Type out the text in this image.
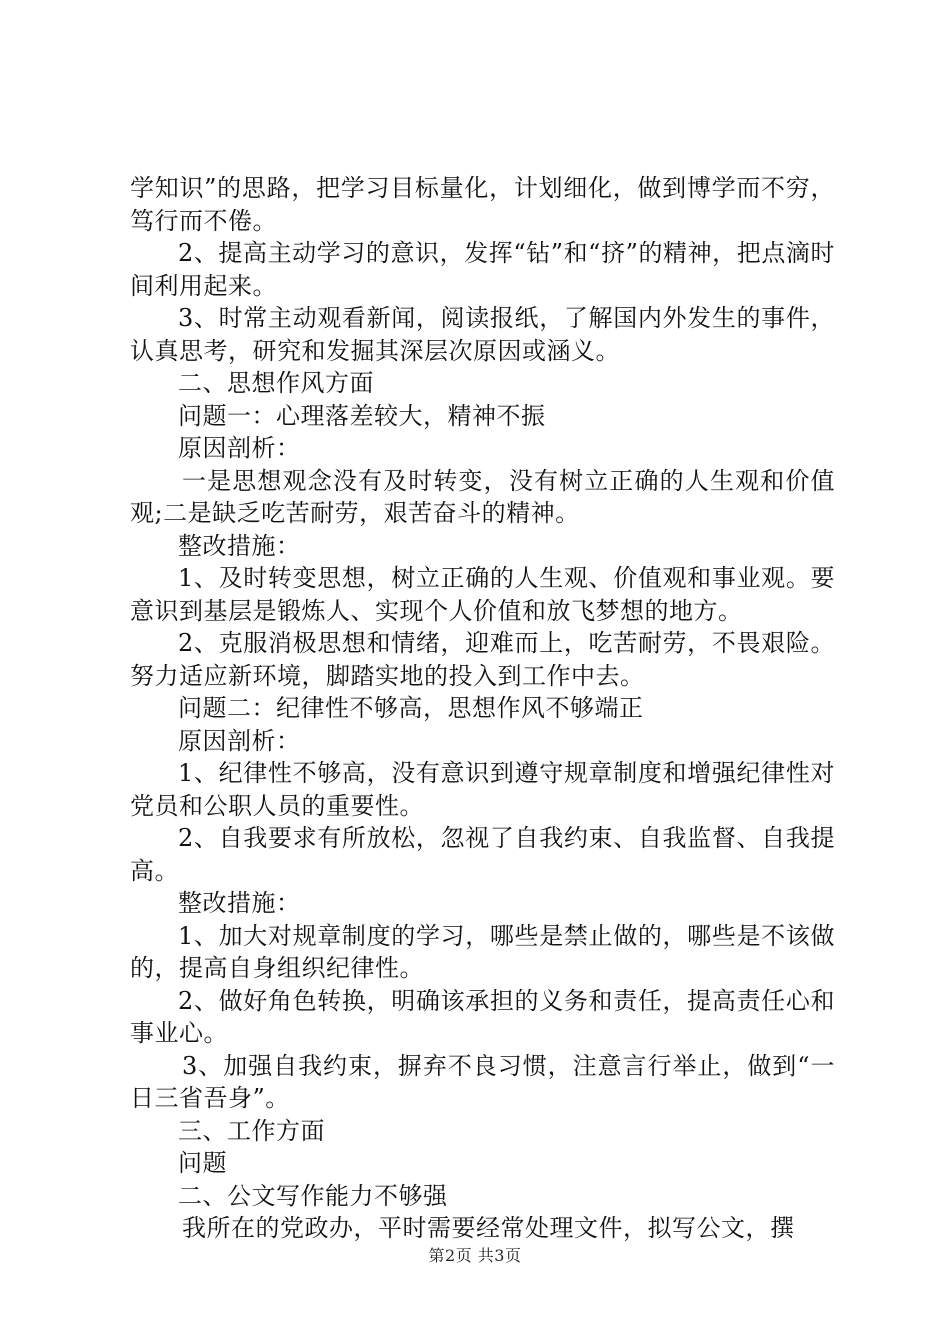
学知识”的思路，把学习目标量化，计划细化，做到博学而不穷，笃行而不倦。

2、提高主动学习的意识，发挥“钻”和“挤”的精神，把点滴时间利用起来。

3、时常主动观看新闻，阅读报纸，了解国内外发生的事件，认真思考，研究和发掘其深层次原因或涵义。

二、思想作风方面

问题一：心理落差较大，精神不振

原因剖析：

一是思想观念没有及时转变，没有树立正确的人生观和价值观;二是缺乏吃苦耐劳，艰苦奋斗的精神。

整改措施：

1、及时转变思想，树立正确的人生观、价值观和事业观。要意识到基层是锻炼人、实现个人价值和放飞梦想的地方。

2、克服消极思想和情绪，迎难而上，吃苦耐劳，不畏艰险。努力适应新环境，脚踏实地的投入到工作中去。

问题二：纪律性不够高，思想作风不够端正

原因剖析：

1、纪律性不够高，没有意识到遵守规章制度和增强纪律性对党员和公职人员的重要性。

2、自我要求有所放松，忽视了自我约束、自我监督、自我提高。

整改措施：

1、加大对规章制度的学习，哪些是禁止做的，哪些是不该做的，提高自身组织纪律性。

2、做好角色转换，明确该承担的义务和责任，提高责任心和事业心。

3、加强自我约束，摒弃不良习惯，注意言行举止，做到“一日三省吾身”。

三、工作方面

问题

二、公文写作能力不够强

我所在的党政办，平时需要经常处理文件，拟写公文，撰

第2页 共3页
